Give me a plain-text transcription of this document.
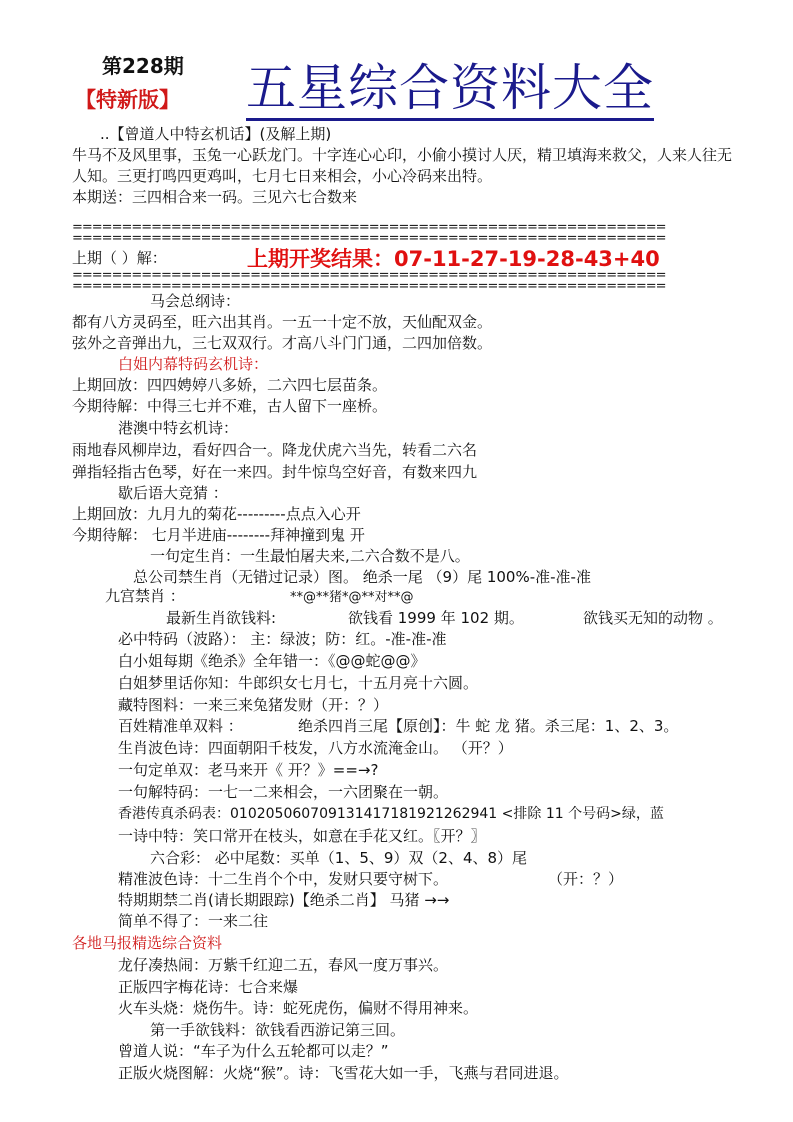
第228期
【特新版】 五星综合资料大全
..【曾道人中特玄机话】(及解上期)
牛马不及风里事，玉兔一心跃龙门。十字连心心印，小偷小摸讨人厌，精卫填海来救父，人来人往无
人知。三更打鸣四更鸡叫，七月七日来相会，小心冷码来出特。
本期送：三四相合来一码。三见六七合数来
============================================================
============================================================
上期（ ）解：	上期开奖结果：07-11-27-19-28-43+40
============================================================
============================================================
马会总纲诗：
都有八方灵码至，旺六出其肖。一五一十定不放，天仙配双金。
弦外之音弹出九，三七双双行。才高八斗门门通，二四加倍数。
白姐内幕特码玄机诗：
上期回放：四四娉婷八多娇，二六四七层苗条。
今期待解：中得三七并不难，古人留下一座桥。
港澳中特玄机诗：
雨地春风柳岸边，看好四合一。降龙伏虎六当先，转看二六名
弹指轻指古色琴，好在一来四。封牛惊鸟空好音，有数来四九
歇后语大竞猜 ：
上期回放：九月九的菊花---------点点入心开
今期待解： 七月半进庙--------拜神撞到鬼 开
一句定生肖：一生最怕屠夫来,二六合数不是八。
总公司禁生肖（无错过记录）图。 绝杀一尾 （9）尾 100%-准-准-准
九宫禁肖 ：	**@**猪*@**对**@
最新生肖欲钱料:	欲钱看 1999 年 102 期。	欲钱买无知的动物 。
必中特码（波路）： 主：绿波；防：红。-准-准-准
白小姐每期《绝杀》全年错一：《@@蛇@@》
白姐梦里话你知：牛郎织女七月七，十五月亮十六圆。
藏特图料：一来三来兔猪发财（开：？）
百姓精准单双料 ：	绝杀四肖三尾【原创】：牛 蛇 龙 猪。杀三尾：1、2、3。
生肖波色诗：四面朝阳千枝发，八方水流淹金山。 （开？）
一句定单双：老马来开《 开？》==→?
一句解特码：一七一二来相会，一六团聚在一朝。
香港传真杀码表：01020506070913141718192126​2941 <排除 11 个号码>绿，蓝
一诗中特：笑口常开在枝头，如意在手花又红。〖开？〗
六合彩： 必中尾数：买单（1、5、9）双（2、4、8）尾
精准波色诗：十二生肖个个中，发财只要守树下。	（开：？）
特期期禁二肖(请长期跟踪)【绝杀二肖】 马猪 →→
简单不得了：一来二往
各地马报精选综合资料
龙仔凑热闹：万紫千红迎二五，春风一度万事兴。
正版四字梅花诗：七合来爆
火车头烧：烧伤牛。诗：蛇死虎伤，偏财不得用神来。
第一手欲钱料：欲钱看西游记第三回。
曾道人说：“车子为什么五轮都可以走？”
正版火烧图解：火烧“猴”。诗：飞雪花大如一手，飞燕与君同进退。
